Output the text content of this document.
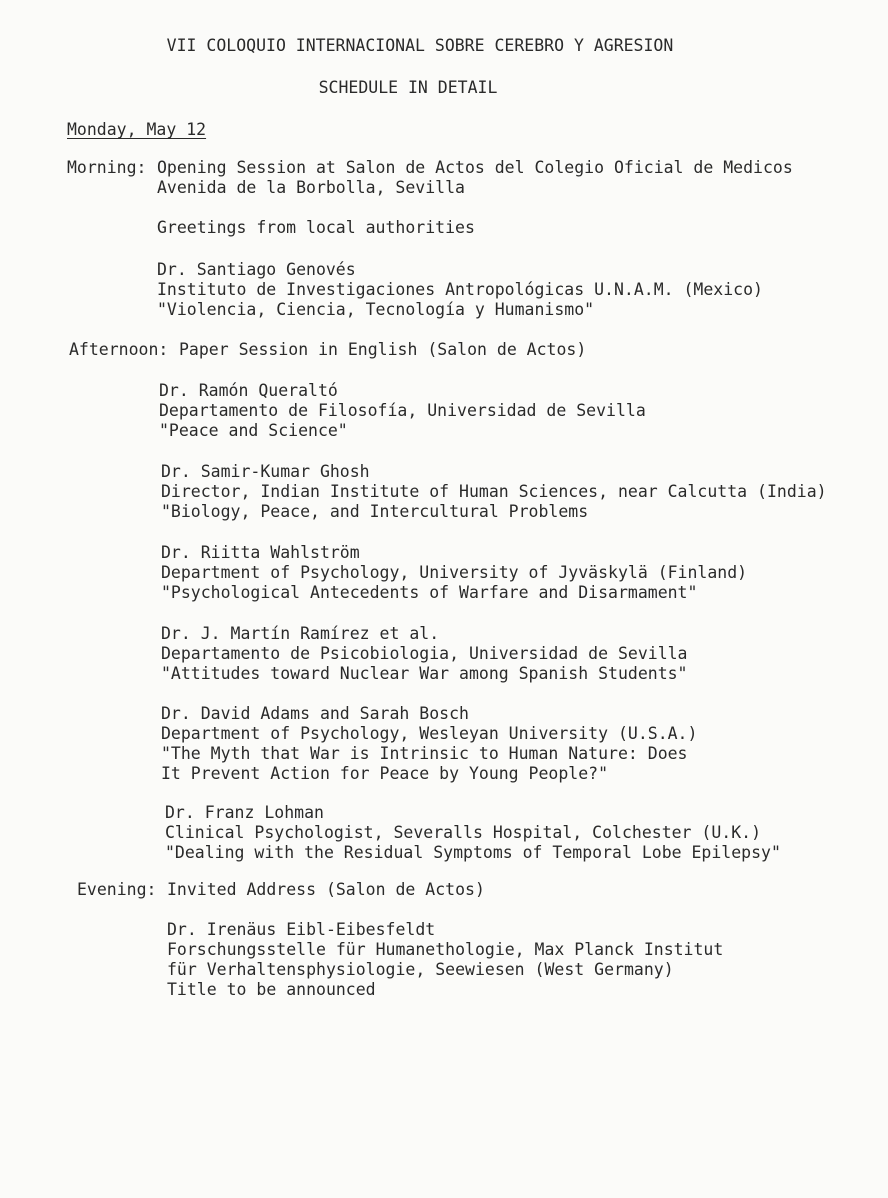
VII COLOQUIO INTERNACIONAL SOBRE CEREBRO Y AGRESION
SCHEDULE IN DETAIL
Monday, May 12
Morning: Opening Session at Salon de Actos del Colegio Oficial de Medicos
Avenida de la Borbolla, Sevilla
Greetings from local authorities
Dr. Santiago Genovés
Instituto de Investigaciones Antropológicas U.N.A.M. (Mexico)
"Violencia, Ciencia, Tecnología y Humanismo"
Afternoon: Paper Session in English (Salon de Actos)
Dr. Ramón Queraltó
Departamento de Filosofía, Universidad de Sevilla
"Peace and Science"
Dr. Samir-Kumar Ghosh
Director, Indian Institute of Human Sciences, near Calcutta (India)
"Biology, Peace, and Intercultural Problems
Dr. Riitta Wahlström
Department of Psychology, University of Jyväskylä (Finland)
"Psychological Antecedents of Warfare and Disarmament"
Dr. J. Martín Ramírez et al.
Departamento de Psicobiologia, Universidad de Sevilla
"Attitudes toward Nuclear War among Spanish Students"
Dr. David Adams and Sarah Bosch
Department of Psychology, Wesleyan University (U.S.A.)
"The Myth that War is Intrinsic to Human Nature: Does
It Prevent Action for Peace by Young People?"
Dr. Franz Lohman
Clinical Psychologist, Severalls Hospital, Colchester (U.K.)
"Dealing with the Residual Symptoms of Temporal Lobe Epilepsy"
Evening: Invited Address (Salon de Actos)
Dr. Irenäus Eibl-Eibesfeldt
Forschungsstelle für Humanethologie, Max Planck Institut
für Verhaltensphysiologie, Seewiesen (West Germany)
Title to be announced
